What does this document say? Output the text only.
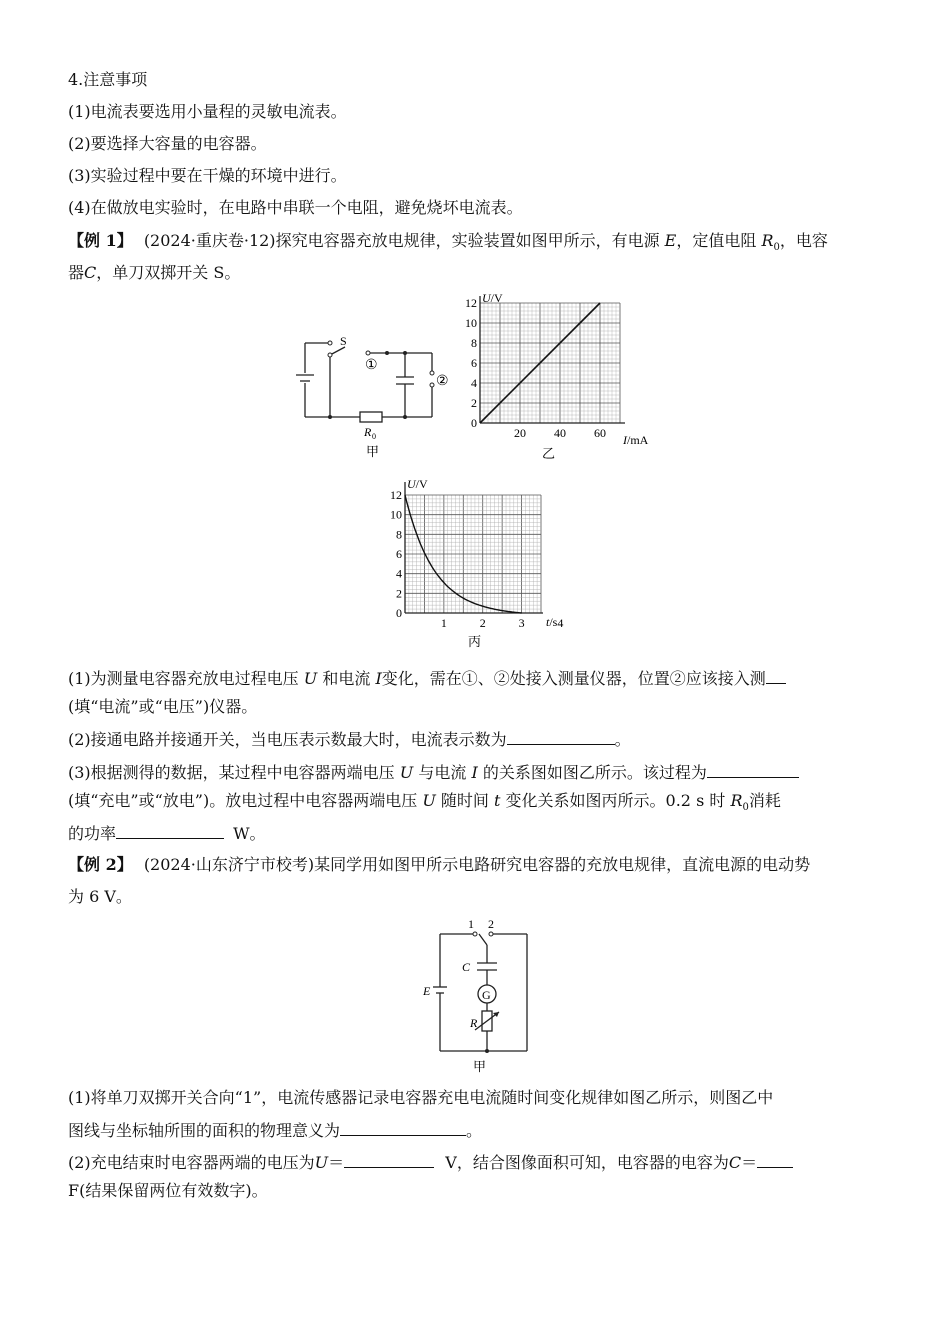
4.注意事项
(1)电流表要选用小量程的灵敏电流表。
(2)要选择大容量的电容器。
(3)实验过程中要在干燥的环境中进行。
(4)在做放电实验时，在电路中串联一个电阻，避免烧坏电流表。
【例 1】 (2024·重庆卷·12)探究电容器充放电规律，实验装置如图甲所示，有电源 E，定值电阻 $R_0$，电容
器C，单刀双掷开关 S。
S
①
②
R 0
甲
U/V
I/mA
12
10
8
6
4
2
0
20 40 60
乙
U/V
t/s
12
10
8
6
4
2
0
1	2	3	4
丙
(1)为测量电容器充放电过程电压 U 和电流 I变化，需在①、②处接入测量仪器，位置②应该接入测
(填“电流”或“电压”)仪器。
(2)接通电路并接通开关，当电压表示数最大时，电流表示数为	。
(3)根据测得的数据，某过程中电容器两端电压 U 与电流 I 的关系图如图乙所示。该过程为
(填“充电”或“放电”)。放电过程中电容器两端电压 U 随时间 t 变化关系如图丙所示。0.2 s 时 $R_0$消耗
的功率	W。
【例 2】 (2024·山东济宁市校考)某同学用如图甲所示电路研究电容器的充放电规律，直流电源的电动势
为 6 V。
1 2
C
E	G
R
甲
(1)将单刀双掷开关合向“1”，电流传感器记录电容器充电电流随时间变化规律如图乙所示，则图乙中
图线与坐标轴所围的面积的物理意义为	。
(2)充电结束时电容器两端的电压为U＝	V，结合图像面积可知，电容器的电容为C＝
F(结果保留两位有效数字)。
